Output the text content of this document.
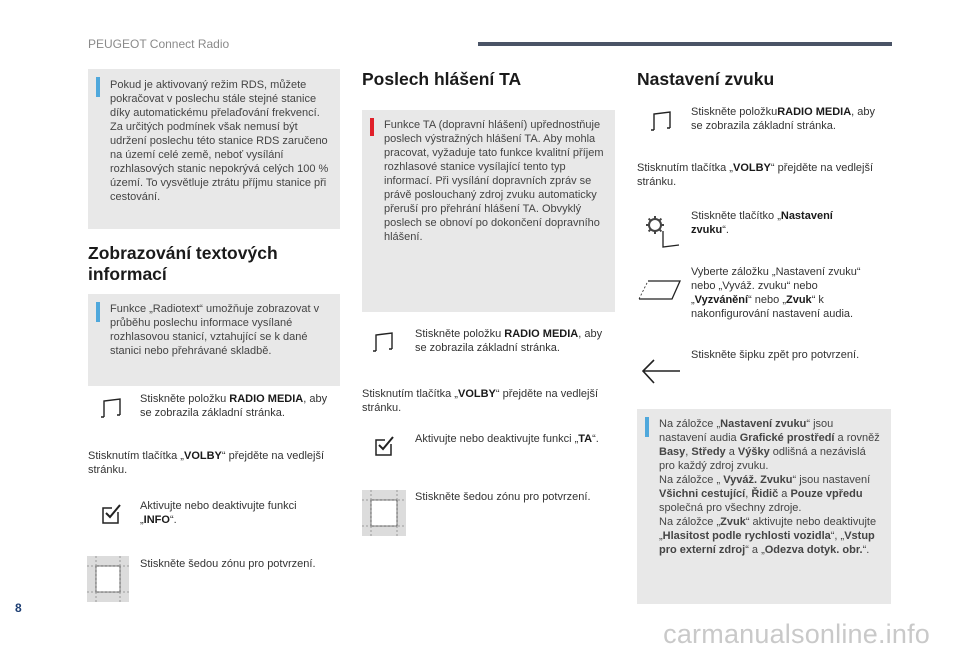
PEUGEOT Connect Radio

Pokud je aktivovaný režim RDS, můžete pokračovat v poslechu stále stejné stanice díky automatickému přelaďování frekvencí. Za určitých podmínek však nemusí být udržení poslechu této stanice RDS zaručeno na území celé země, neboť vysílání rozhlasových stanic nepokrývá celých 100 % území. To vysvětluje ztrátu příjmu stanice při cestování.

Zobrazování textových informací

Funkce „Radiotext“ umožňuje zobrazovat v průběhu poslechu informace vysílané rozhlasovou stanicí, vztahující se k dané stanici nebo přehrávané skladbě.

Stiskněte položku RADIO MEDIA, aby se zobrazila základní stránka.
Stisknutím tlačítka „VOLBY“ přejděte na vedlejší stránku.
Aktivujte nebo deaktivujte funkci „INFO“.
Stiskněte šedou zónu pro potvrzení.
Poslech hlášení TA

Funkce TA (dopravní hlášení) upřednostňuje poslech výstražných hlášení TA. Aby mohla pracovat, vyžaduje tato funkce kvalitní příjem rozhlasové stanice vysílající tento typ informací. Při vysílání dopravních zpráv se právě poslouchaný zdroj zvuku automaticky přeruší pro přehrání hlášení TA. Obvyklý poslech se obnoví po dokončení dopravního hlášení.

Stiskněte položku RADIO MEDIA, aby se zobrazila základní stránka.
Stisknutím tlačítka „VOLBY“ přejděte na vedlejší stránku.
Aktivujte nebo deaktivujte funkci „TA“.
Stiskněte šedou zónu pro potvrzení.
Nastavení zvuku
Stiskněte položkuRADIO MEDIA, aby se zobrazila základní stránka.
Stisknutím tlačítka „VOLBY“ přejděte na vedlejší stránku.
Stiskněte tlačítko „Nastavení zvuku“.
Vyberte záložku „Nastavení zvuku“ nebo „Vyváž. zvuku“ nebo „Vyzvánění“ nebo „Zvuk“ k nakonfigurování nastavení audia.
Stiskněte šipku zpět pro potvrzení.

Na záložce „Nastavení zvuku“ jsou nastavení audia Grafické prostředí a rovněž Basy, Středy a Výšky odlišná a nezávislá pro každý zdroj zvuku.

Na záložce „ Vyváž. Zvuku“ jsou nastavení Všichni cestující, Řidič a Pouze vpředu společná pro všechny zdroje.

Na záložce „Zvuk“ aktivujte nebo deaktivujte „Hlasitost podle rychlosti vozidla“, „Vstup pro externí zdroj“ a „Odezva dotyk. obr.“.

8
carmanualsonline.info
